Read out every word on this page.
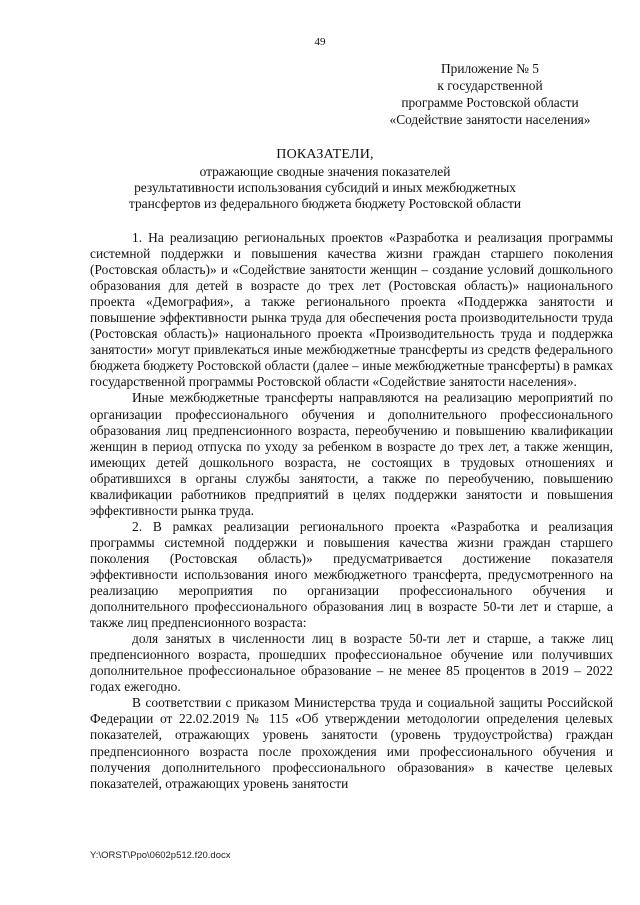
49
Приложение № 5
к государственной
программе Ростовской области
«Содействие занятости населения»
ПОКАЗАТЕЛИ,
отражающие сводные значения показателей
результативности использования субсидий и иных межбюджетных
трансфертов из федерального бюджета бюджету Ростовской области

1. На реализацию региональных проектов «Разработка и реализация программы системной поддержки и повышения качества жизни граждан старшего поколения (Ростовская область)» и «Содействие занятости женщин – создание условий дошкольного образования для детей в возрасте до трех лет (Ростовская область)» национального проекта «Демография», а также регионального проекта «Поддержка занятости и повышение эффективности рынка труда для обеспечения роста производительности труда (Ростовская область)» национального проекта «Производительность труда и поддержка занятости» могут привлекаться иные межбюджетные трансферты из средств федерального бюджета бюджету Ростовской области (далее – иные межбюджетные трансферты) в рамках государственной программы Ростовской области «Содействие занятости населения».

Иные межбюджетные трансферты направляются на реализацию мероприятий по организации профессионального обучения и дополнительного профессионального образования лиц предпенсионного возраста, переобучению и повышению квалификации женщин в период отпуска по уходу за ребенком в возрасте до трех лет, а также женщин, имеющих детей дошкольного возраста, не состоящих в трудовых отношениях и обратившихся в органы службы занятости, а также по переобучению, повышению квалификации работников предприятий в целях поддержки занятости и повышения эффективности рынка труда.

2. В рамках реализации регионального проекта «Разработка и реализация программы системной поддержки и повышения качества жизни граждан старшего поколения (Ростовская область)» предусматривается достижение показателя эффективности использования иного межбюджетного трансферта, предусмотренного на реализацию мероприятия по организации профессионального обучения и дополнительного профессионального образования лиц в возрасте 50-ти лет и старше, а также лиц предпенсионного возраста:

доля занятых в численности лиц в возрасте 50-ти лет и старше, а также лиц предпенсионного возраста, прошедших профессиональное обучение или получивших дополнительное профессиональное образование – не менее 85 процентов в 2019 – 2022 годах ежегодно.

В соответствии с приказом Министерства труда и социальной защиты Российской Федерации от 22.02.2019 № 115 «Об утверждении методологии определения целевых показателей, отражающих уровень занятости (уровень трудоустройства) граждан предпенсионного возраста после прохождения ими профессионального обучения и получения дополнительного профессионального образования» в качестве целевых показателей, отражающих уровень занятости

Y:\ORST\Ppo\0602p512.f20.docx
